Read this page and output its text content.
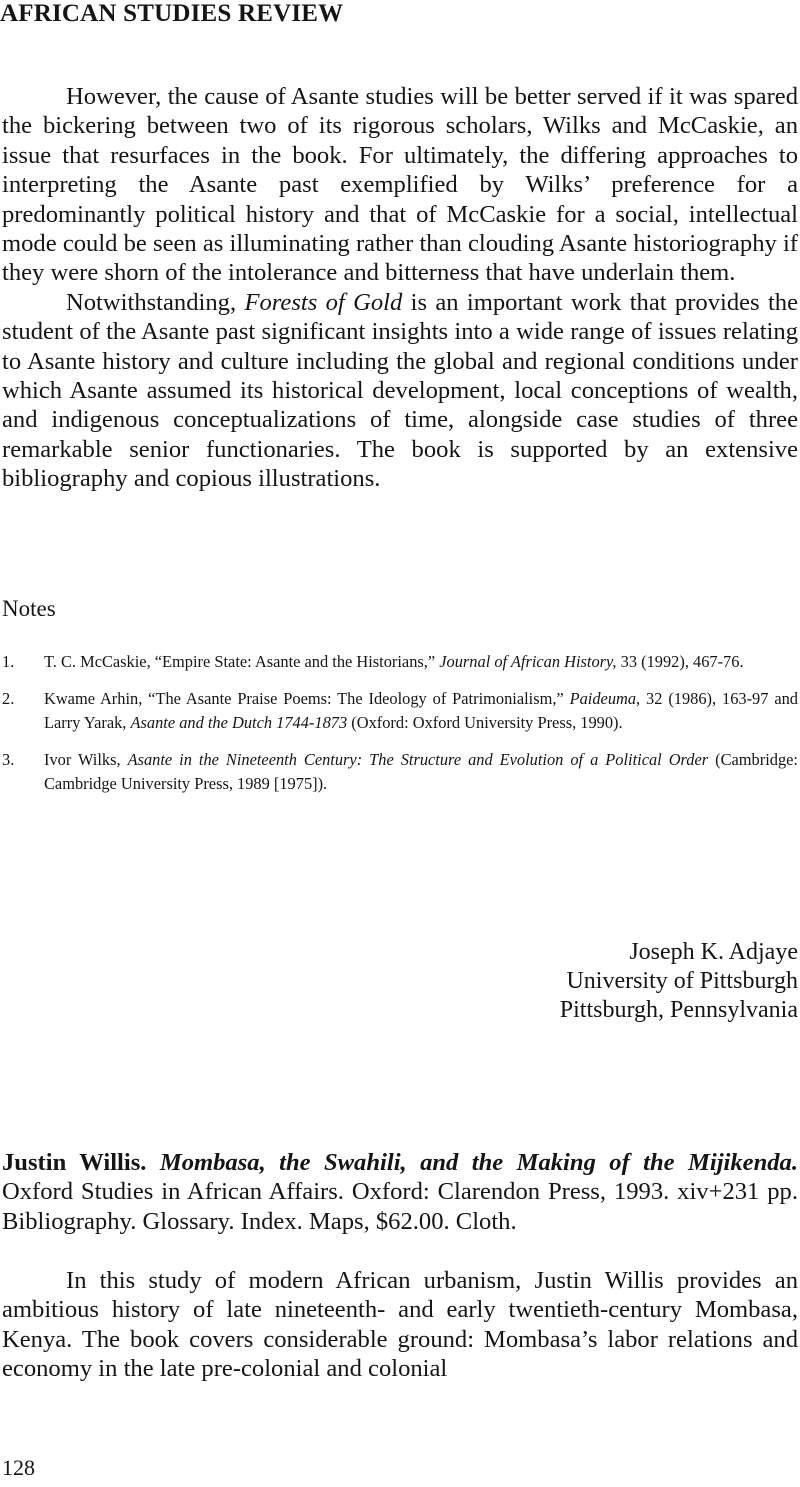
AFRICAN STUDIES REVIEW

However, the cause of Asante studies will be better served if it was spared the bickering between two of its rigorous scholars, Wilks and McCaskie, an issue that resurfaces in the book. For ultimately, the differing approaches to interpreting the Asante past exemplified by Wilks’ preference for a predominantly political history and that of McCaskie for a social, intellectual mode could be seen as illuminating rather than clouding Asante historiography if they were shorn of the intolerance and bitterness that have underlain them.

Notwithstanding, Forests of Gold is an important work that provides the student of the Asante past significant insights into a wide range of issues relating to Asante history and culture including the global and regional conditions under which Asante assumed its historical development, local conceptions of wealth, and indigenous conceptualizations of time, alongside case studies of three remarkable senior functionaries. The book is supported by an extensive bibliography and copious illustrations.

Notes
1. T. C. McCaskie, “Empire State: Asante and the Historians,” Journal of African History, 33 (1992), 467-76.
2. Kwame Arhin, “The Asante Praise Poems: The Ideology of Patrimonialism,” Paideuma, 32 (1986), 163-97 and Larry Yarak, Asante and the Dutch 1744-1873 (Oxford: Oxford University Press, 1990).
3. Ivor Wilks, Asante in the Nineteenth Century: The Structure and Evolution of a Political Order (Cambridge: Cambridge University Press, 1989 [1975]).
Joseph K. Adjaye
University of Pittsburgh
Pittsburgh, Pennsylvania

Justin Willis. Mombasa, the Swahili, and the Making of the Mijikenda. Oxford Studies in African Affairs. Oxford: Clarendon Press, 1993. xiv+231 pp. Bibliography. Glossary. Index. Maps, $62.00. Cloth.

In this study of modern African urbanism, Justin Willis provides an ambitious history of late nineteenth- and early twentieth-century Mombasa, Kenya. The book covers considerable ground: Mombasa’s labor relations and economy in the late pre-colonial and colonial

128
